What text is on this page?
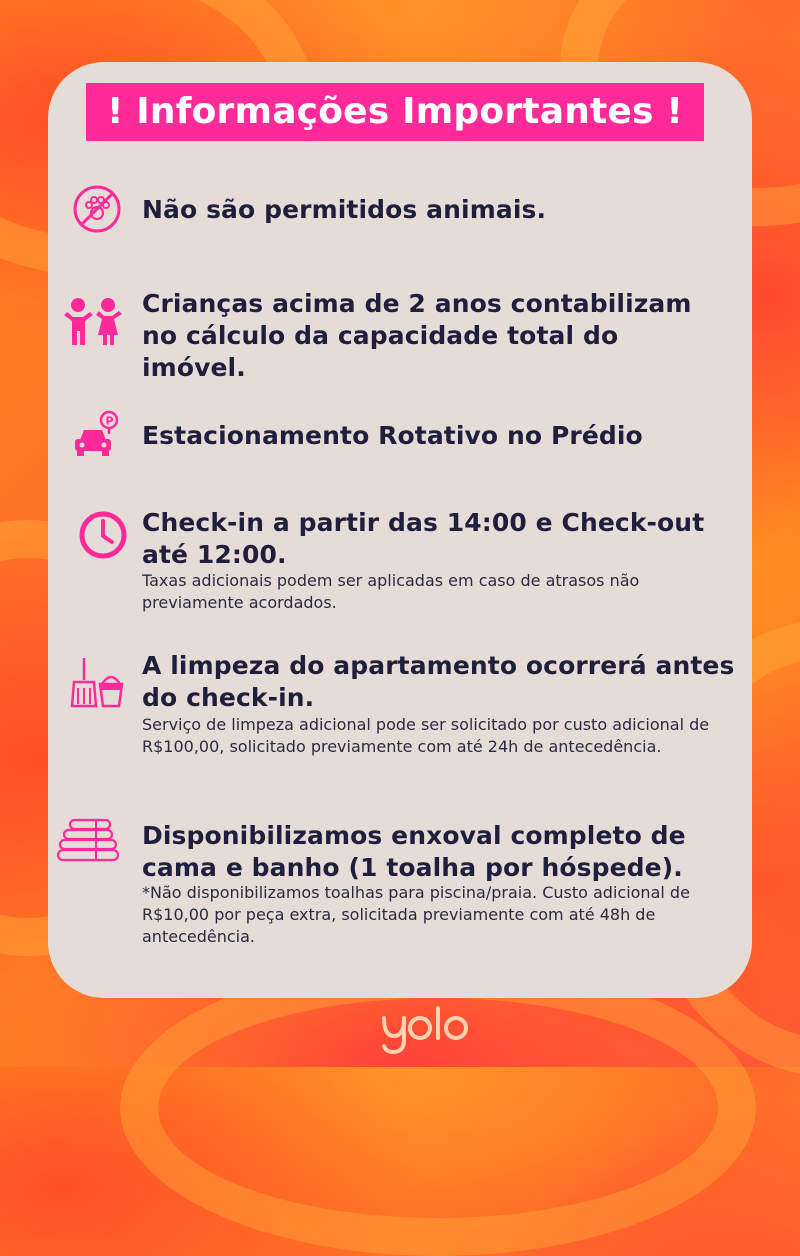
! Informações Importantes !
Não são permitidos animais.
Crianças acima de 2 anos contabilizam no cálculo da capacidade total do  imóvel.
P Estacionamento Rotativo no Prédio
Check-in a partir das 14:00 e Check-out até 12:00.
Taxas adicionais podem ser aplicadas em caso de atrasos não previamente acordados.
A limpeza do apartamento ocorrerá antes do check-in.
Serviço de limpeza adicional pode ser solicitado por custo adicional de R$100,00, solicitado previamente com até 24h de antecedência.
Disponibilizamos enxoval completo de cama e banho (1 toalha por hóspede).
*Não disponibilizamos toalhas para piscina/praia. Custo adicional de R$10,00 por peça extra, solicitada previamente com até 48h de antecedência.
